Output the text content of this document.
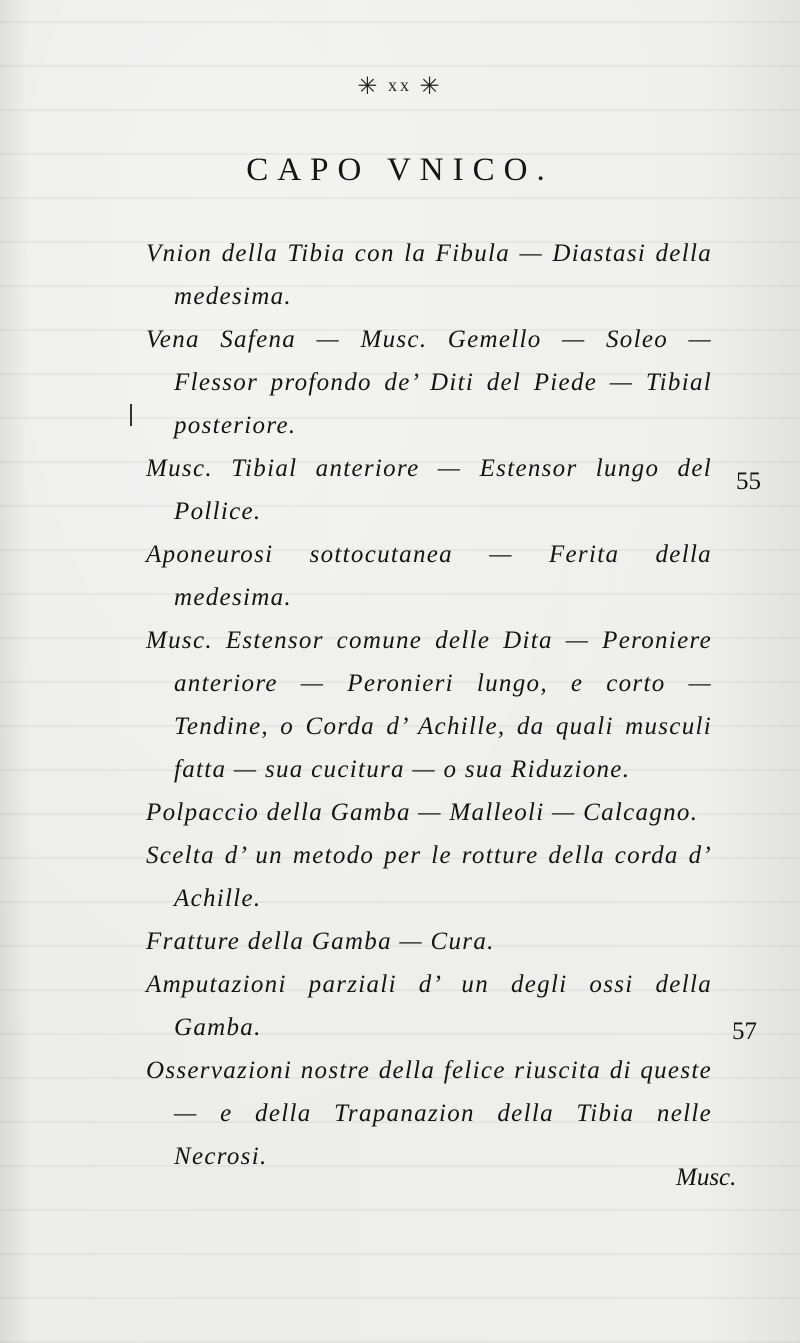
✳ xx ✳
CAPO VNICO.
Vnion della Tibia con la Fibula — Diastasi della medesima.
Vena Safena — Musc. Gemello — Soleo — Flessor profondo de’ Diti del Piede — Tibial posteriore.
Musc. Tibial anteriore — Estensor lungo del Pollice.
Aponeurosi sottocutanea — Ferita della medesima.
Musc. Estensor comune delle Dita — Peroniere anteriore — Peronieri lungo, e corto — Tendine, o Corda d’ Achille, da quali musculi fatta — sua cucitura — o sua Riduzione.
Polpaccio della Gamba — Malleoli — Calcagno.
Scelta d’ un metodo per le rotture della corda d’ Achille.
Fratture della Gamba — Cura.
Amputazioni parziali d’ un degli ossi della Gamba.
Osservazioni nostre della felice riuscita di queste — e della Trapanazion della Tibia nelle Necrosi.
55
57
Musc.
